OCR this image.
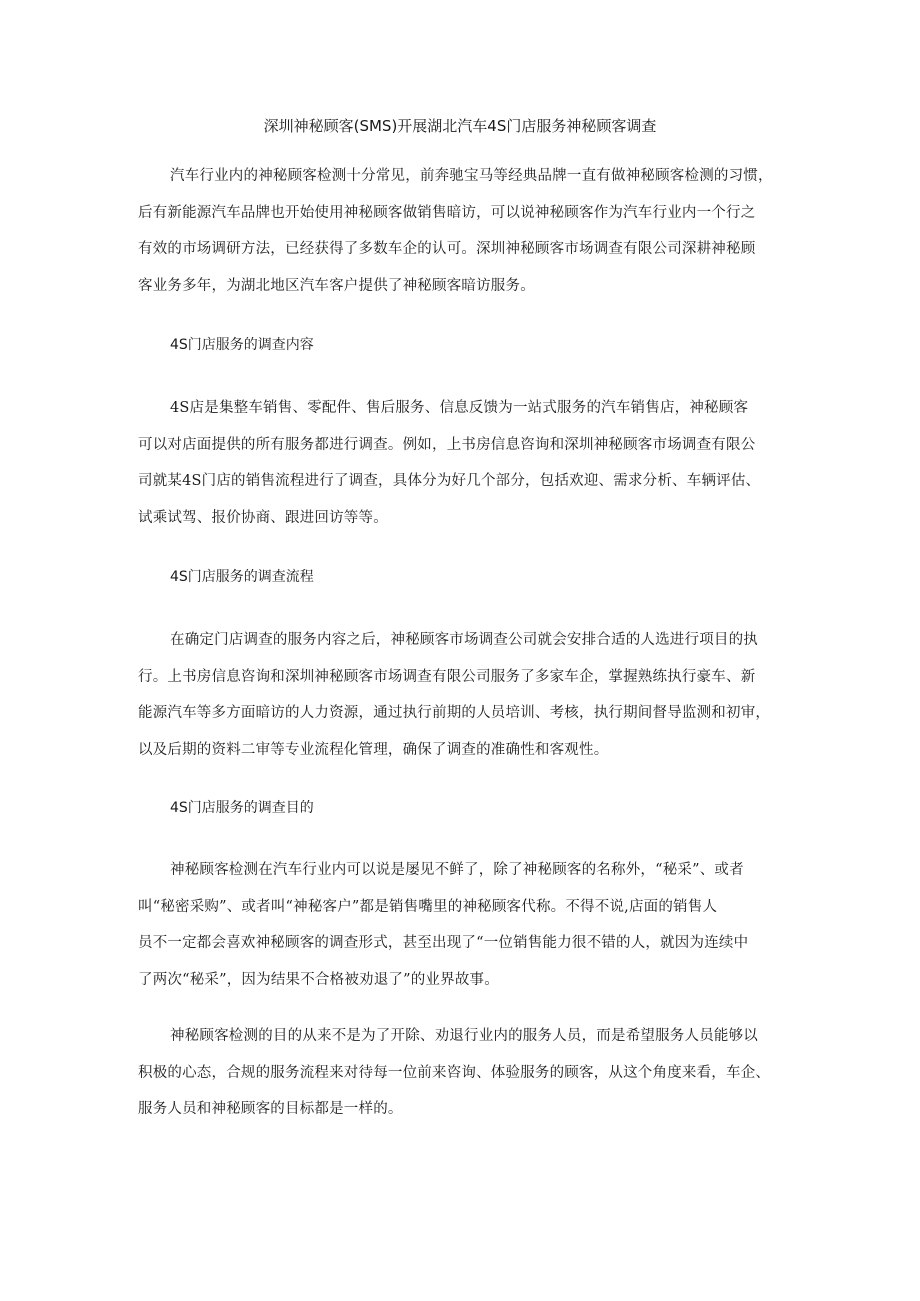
深圳神秘顾客(SMS)开展湖北汽车4S门店服务神秘顾客调查

汽车行业内的神秘顾客检测十分常见，前奔驰宝马等经典品牌一直有做神秘顾客检测的习惯，
后有新能源汽车品牌也开始使用神秘顾客做销售暗访，可以说神秘顾客作为汽车行业内一个行之
有效的市场调研方法，已经获得了多数车企的认可。深圳神秘顾客市场调查有限公司深耕神秘顾
客业务多年，为湖北地区汽车客户提供了神秘顾客暗访服务。

4S门店服务的调查内容

4S店是集整车销售、零配件、售后服务、信息反馈为一站式服务的汽车销售店，神秘顾客
可以对店面提供的所有服务都进行调查。例如，上书房信息咨询和深圳神秘顾客市场调查有限公
司就某4S门店的销售流程进行了调查，具体分为好几个部分，包括欢迎、需求分析、车辆评估、
试乘试驾、报价协商、跟进回访等等。

4S门店服务的调查流程

在确定门店调查的服务内容之后，神秘顾客市场调查公司就会安排合适的人选进行项目的执
行。上书房信息咨询和深圳神秘顾客市场调查有限公司服务了多家车企，掌握熟练执行豪车、新
能源汽车等多方面暗访的人力资源，通过执行前期的人员培训、考核，执行期间督导监测和初审，
以及后期的资料二审等专业流程化管理，确保了调查的准确性和客观性。

4S门店服务的调查目的

神秘顾客检测在汽车行业内可以说是屡见不鲜了，除了神秘顾客的名称外，“秘采”、或者
叫“秘密采购”、或者叫“神秘客户”都是销售嘴里的神秘顾客代称。不得不说,店面的销售人
员不一定都会喜欢神秘顾客的调查形式，甚至出现了“一位销售能力很不错的人，就因为连续中
了两次“秘采”，因为结果不合格被劝退了”的业界故事。

神秘顾客检测的目的从来不是为了开除、劝退行业内的服务人员，而是希望服务人员能够以
积极的心态，合规的服务流程来对待每一位前来咨询、体验服务的顾客，从这个角度来看，车企、
服务人员和神秘顾客的目标都是一样的。
